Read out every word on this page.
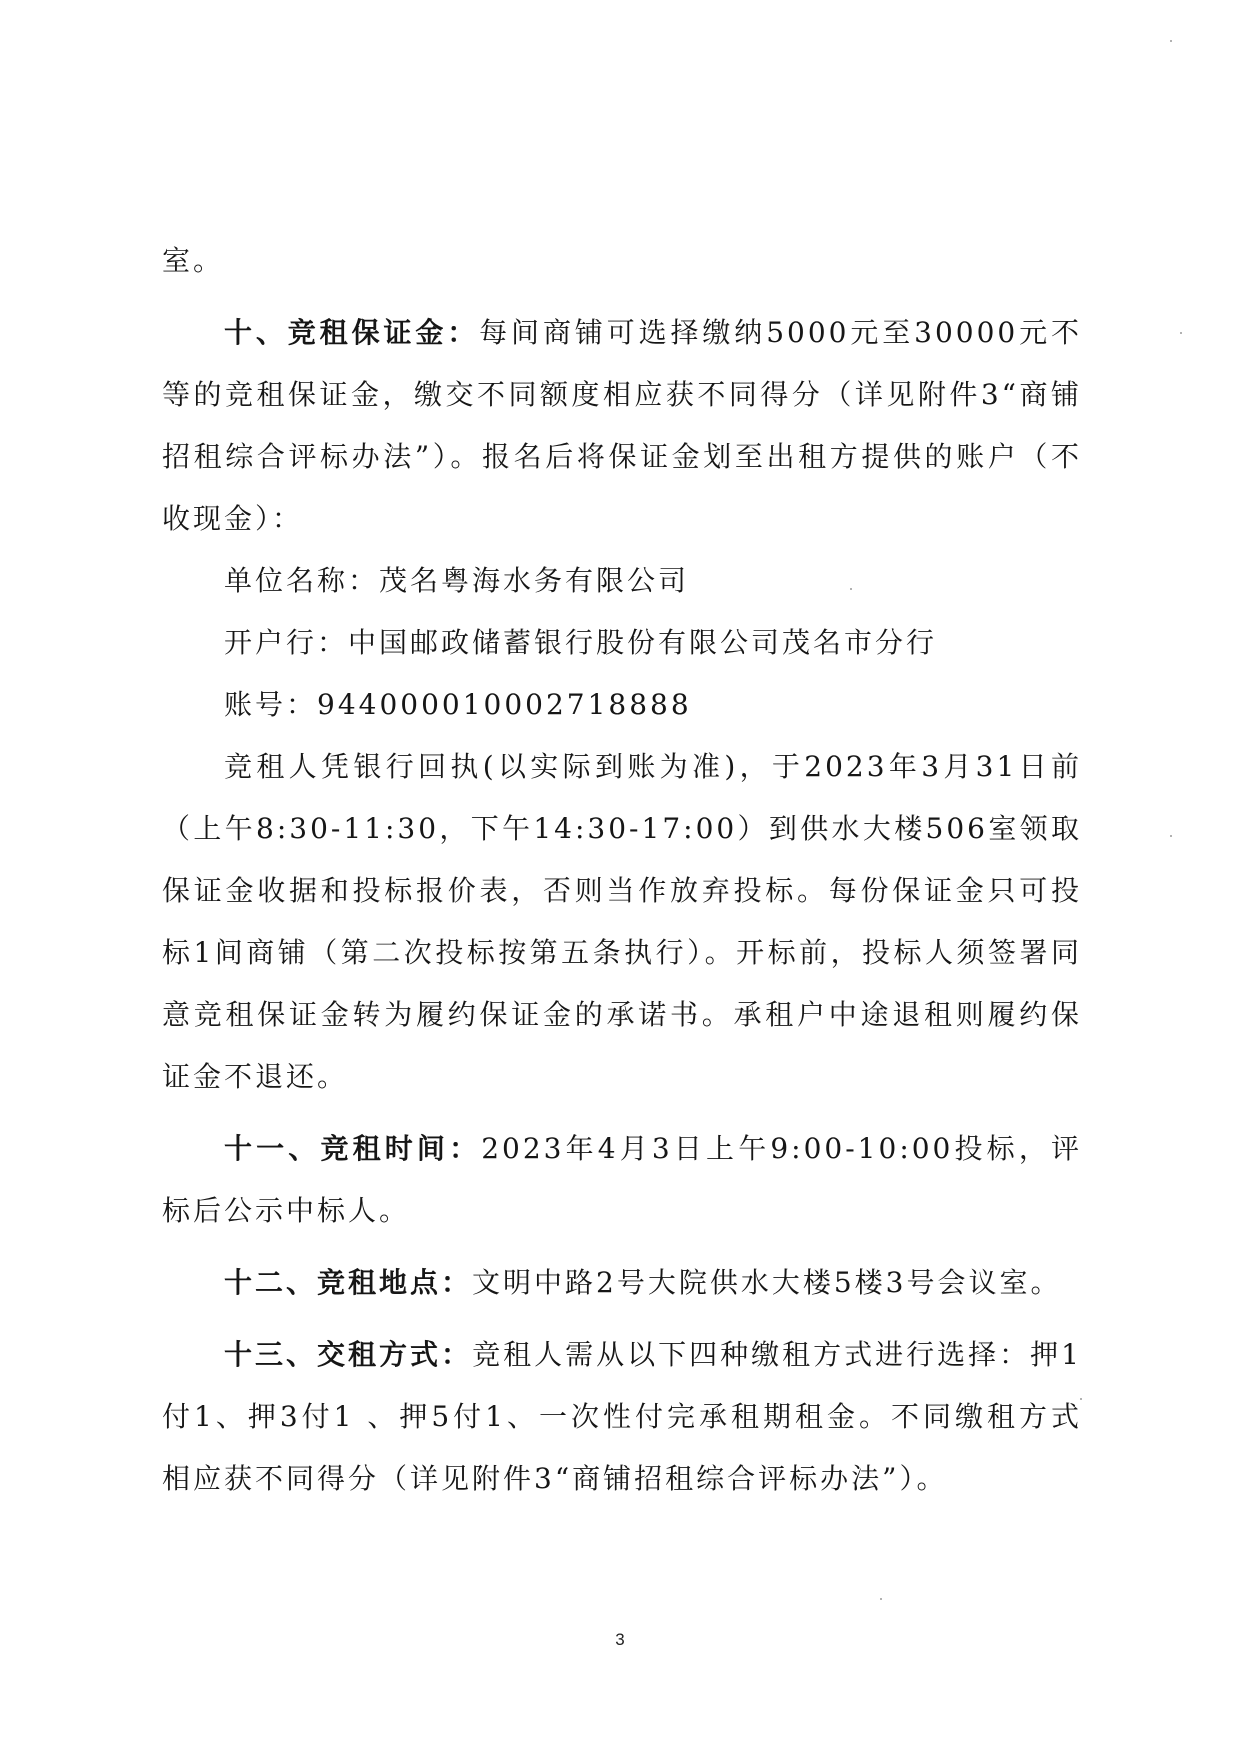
室。

十、竞租保证金：每间商铺可选择缴纳5000元至30000元不等的竞租保证金，缴交不同额度相应获不同得分（详见附件3“商铺招租综合评标办法”）。报名后将保证金划至出租方提供的账户（不收现金）：

单位名称：茂名粤海水务有限公司

开户行：中国邮政储蓄银行股份有限公司茂名市分行

账号：944000010002718888

竞租人凭银行回执(以实际到账为准)，于2023年3月31日前（上午8:30-11:30，下午14:30-17:00）到供水大楼506室领取保证金收据和投标报价表，否则当作放弃投标。每份保证金只可投标1间商铺（第二次投标按第五条执行）。开标前，投标人须签署同意竞租保证金转为履约保证金的承诺书。承租户中途退租则履约保证金不退还。

十一、竞租时间：2023年4月3日上午9:00-10:00投标，评标后公示中标人。

十二、竞租地点：文明中路2号大院供水大楼5楼3号会议室。

十三、交租方式：竞租人需从以下四种缴租方式进行选择：押1付1、押3付1 、押5付1、一次性付完承租期租金。不同缴租方式相应获不同得分（详见附件3“商铺招租综合评标办法”）。

3
